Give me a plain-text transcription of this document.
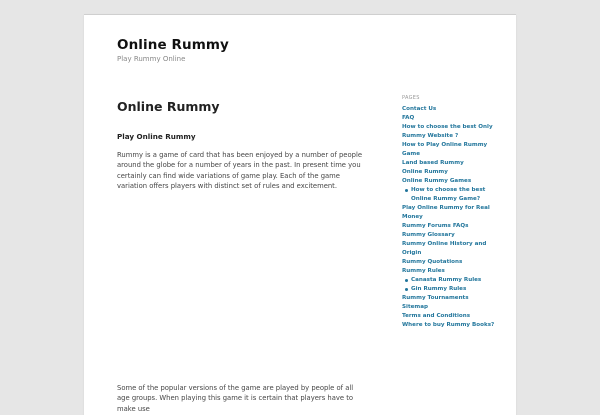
Online Rummy

Play Rummy Online

Online Rummy
Play Online Rummy

Rummy is a game of card that has been enjoyed by a number of people around the globe for a number of years in the past. In present time you certainly can find wide variations of game play. Each of the game variation offers players with distinct set of rules and excitement.

Some of the popular versions of the game are played by people of all age groups. When playing this game it is certain that players have to make use

PAGES
Contact Us
FAQ
How to choose the best Only Rummy Website ?
How to Play Online Rummy Game
Land based Rummy
Online Rummy
Online Rummy Games
How to choose the best Online Rummy Game?
Play Online Rummy for Real Money
Rummy Forums FAQs
Rummy Glossary
Rummy Online History and Origin
Rummy Quotations
Rummy Rules
Canasta Rummy Rules
Gin Rummy Rules
Rummy Tournaments
Sitemap
Terms and Conditions
Where to buy Rummy Books?
